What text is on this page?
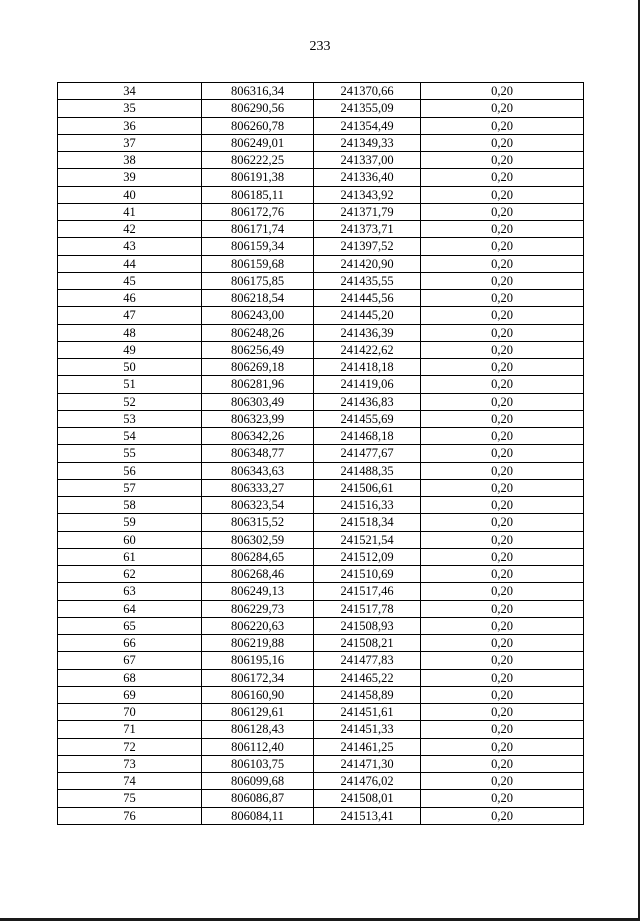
233
34	806316,34	241370,66	0,20
35	806290,56	241355,09	0,20
36	806260,78	241354,49	0,20
37	806249,01	241349,33	0,20
38	806222,25	241337,00	0,20
39	806191,38	241336,40	0,20
40	806185,11	241343,92	0,20
41	806172,76	241371,79	0,20
42	806171,74	241373,71	0,20
43	806159,34	241397,52	0,20
44	806159,68	241420,90	0,20
45	806175,85	241435,55	0,20
46	806218,54	241445,56	0,20
47	806243,00	241445,20	0,20
48	806248,26	241436,39	0,20
49	806256,49	241422,62	0,20
50	806269,18	241418,18	0,20
51	806281,96	241419,06	0,20
52	806303,49	241436,83	0,20
53	806323,99	241455,69	0,20
54	806342,26	241468,18	0,20
55	806348,77	241477,67	0,20
56	806343,63	241488,35	0,20
57	806333,27	241506,61	0,20
58	806323,54	241516,33	0,20
59	806315,52	241518,34	0,20
60	806302,59	241521,54	0,20
61	806284,65	241512,09	0,20
62	806268,46	241510,69	0,20
63	806249,13	241517,46	0,20
64	806229,73	241517,78	0,20
65	806220,63	241508,93	0,20
66	806219,88	241508,21	0,20
67	806195,16	241477,83	0,20
68	806172,34	241465,22	0,20
69	806160,90	241458,89	0,20
70	806129,61	241451,61	0,20
71	806128,43	241451,33	0,20
72	806112,40	241461,25	0,20
73	806103,75	241471,30	0,20
74	806099,68	241476,02	0,20
75	806086,87	241508,01	0,20
76	806084,11	241513,41	0,20
